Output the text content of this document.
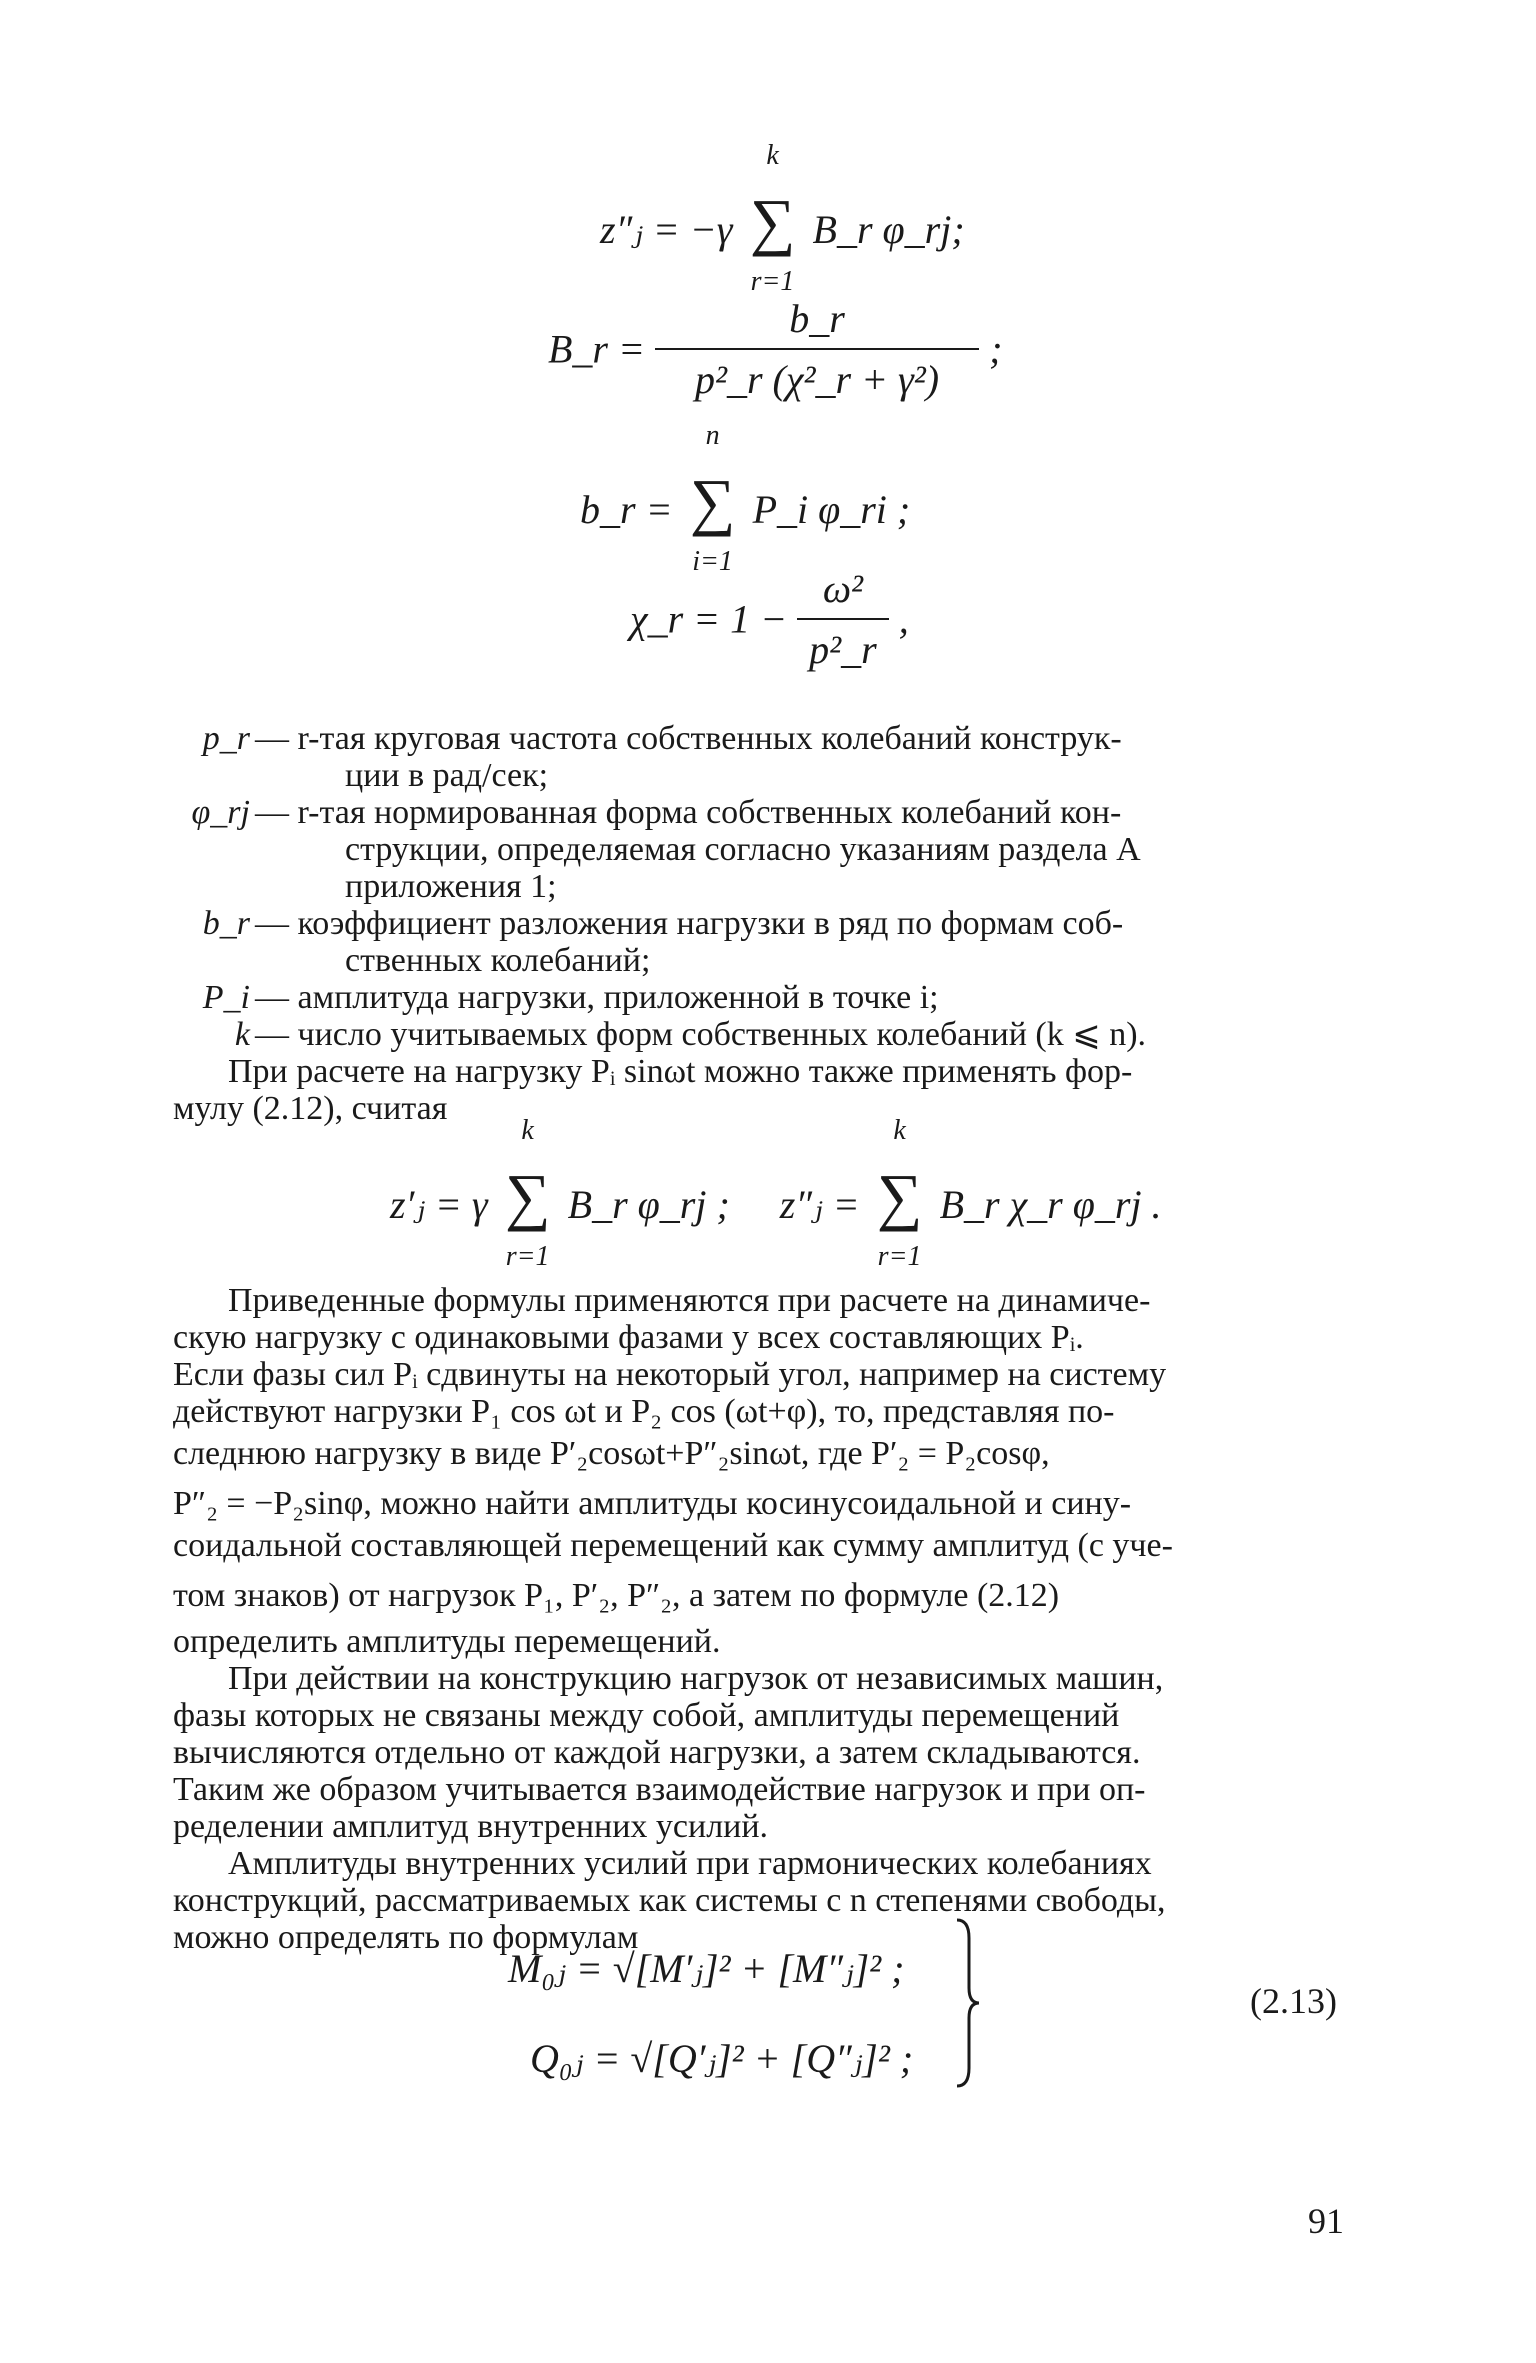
z″ⱼ = −γ
k
∑
r=1
B_r φ_rj;
B_r = $\frac{b\_r}{\text{p²\_r (χ²\_r + γ²)}}$ ;
b_r =
n
∑
i=1
P_i φ_ri ;
χ_r = $1 - \frac{\text{ω²}}{\text{p²\_r}}$ ,
p_r — r-тая круговая частота собственных колебаний конструк-
ции в рад/сек;
φ_rj — r-тая нормированная форма собственных колебаний кон-
струкции, определяемая согласно указаниям раздела А
приложения 1;
b_r — коэффициент разложения нагрузки в ряд по формам соб-
ственных колебаний;
P_i — амплитуда нагрузки, приложенной в точке i;
k — число учитываемых форм собственных колебаний (k ⩽ n).
При расчете на нагрузку Pᵢ sinωt можно также применять фор-
мулу (2.12), считая
z′ⱼ = γ
k
∑
r=1
B_r φ_rj ; z″ⱼ =
k
∑
r=1
B_r χ_r φ_rj .
Приведенные формулы применяются при расчете на динамиче-
скую нагрузку с одинаковыми фазами у всех составляющих Pᵢ.
Если фазы сил Pᵢ сдвинуты на некоторый угол, например на систему
действуют нагрузки P₁ cos ωt и P₂ cos (ωt+φ), то, представляя по-
следнюю нагрузку в виде P′₂cosωt+P″₂sinωt, где P′₂ = P₂cosφ,
P″₂ = −P₂sinφ, можно найти амплитуды косинусоидальной и сину-
соидальной составляющей перемещений как сумму амплитуд (с уче-
том знаков) от нагрузок P₁, P′₂, P″₂, а затем по формуле (2.12)
определить амплитуды перемещений.
При действии на конструкцию нагрузок от независимых машин,
фазы которых не связаны между собой, амплитуды перемещений
вычисляются отдельно от каждой нагрузки, а затем складываются.
Таким же образом учитывается взаимодействие нагрузок и при оп-
ределении амплитуд внутренних усилий.
Амплитуды внутренних усилий при гармонических колебаниях
конструкций, рассматриваемых как системы с n степенями свободы,
можно определять по формулам
M₀ⱼ = √[M′ⱼ]² + [M″ⱼ]² ;
Q₀ⱼ = √[Q′ⱼ]² + [Q″ⱼ]² ;
(2.13)
91
